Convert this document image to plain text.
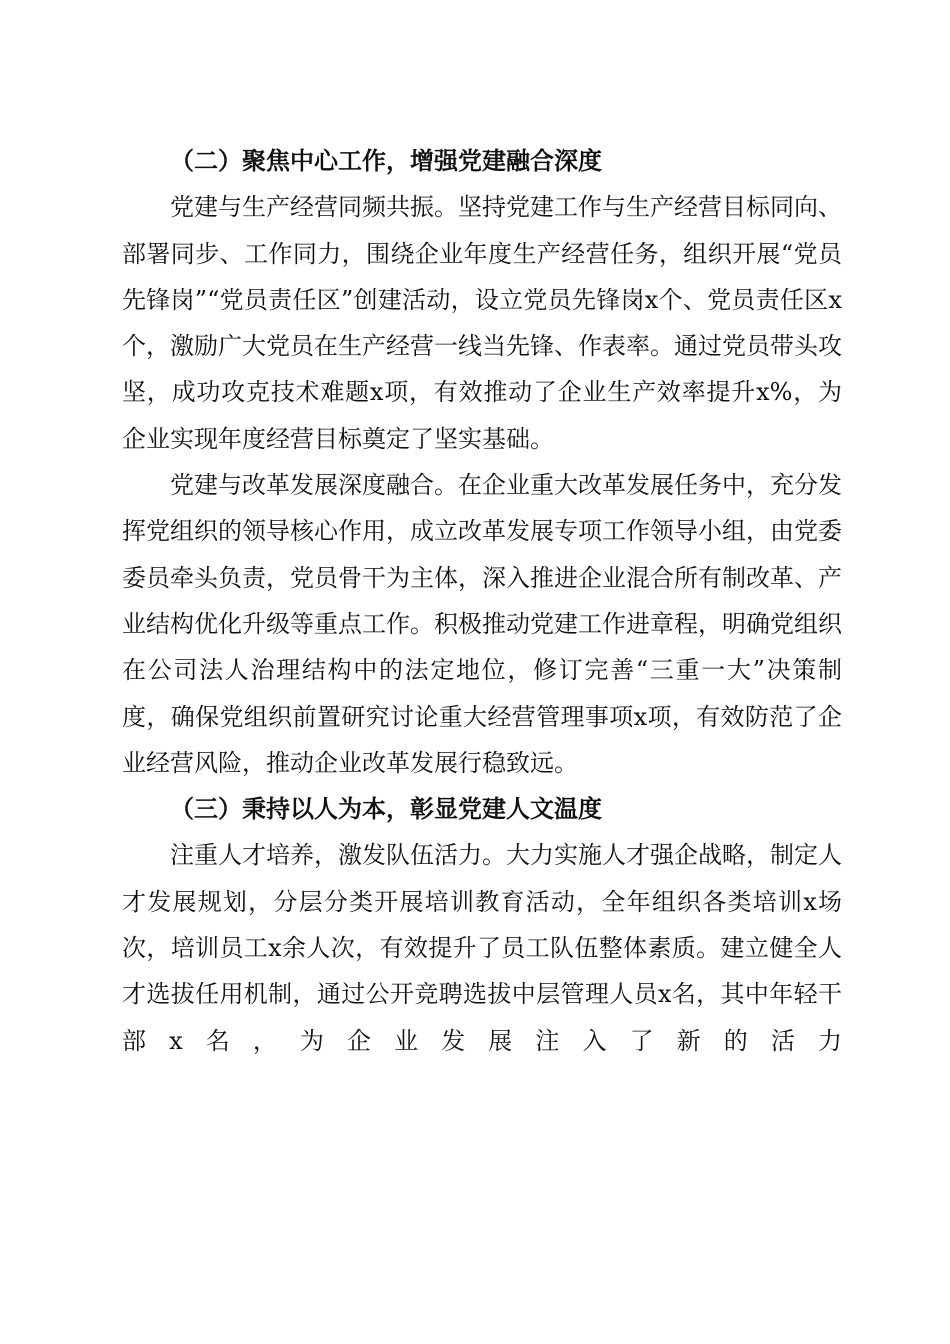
（二）聚焦中心工作，增强党建融合深度

党建与生产经营同频共振。坚持党建工作与生产经营目标同向、部署同步、工作同力，围绕企业年度生产经营任务，组织开展“党员先锋岗”“党员责任区”创建活动，设立党员先锋岗x个、党员责任区x个，激励广大党员在生产经营一线当先锋、作表率。通过党员带头攻坚，成功攻克技术难题x项，有效推动了企业生产效率提升x%，为企业实现年度经营目标奠定了坚实基础。

党建与改革发展深度融合。在企业重大改革发展任务中，充分发挥党组织的领导核心作用，成立改革发展专项工作领导小组，由党委委员牵头负责，党员骨干为主体，深入推进企业混合所有制改革、产业结构优化升级等重点工作。积极推动党建工作进章程，明确党组织在公司法人治理结构中的法定地位，修订完善“三重一大”决策制度，确保党组织前置研究讨论重大经营管理事项x项，有效防范了企业经营风险，推动企业改革发展行稳致远。

（三）秉持以人为本，彰显党建人文温度

注重人才培养，激发队伍活力。大力实施人才强企战略，制定人才发展规划，分层分类开展培训教育活动，全年组织各类培训x场次，培训员工x余人次，有效提升了员工队伍整体素质。建立健全人才选拔任用机制，通过公开竞聘选拔中层管理人员x名，其中年轻干部x名，为企业发展注入了新的活力
